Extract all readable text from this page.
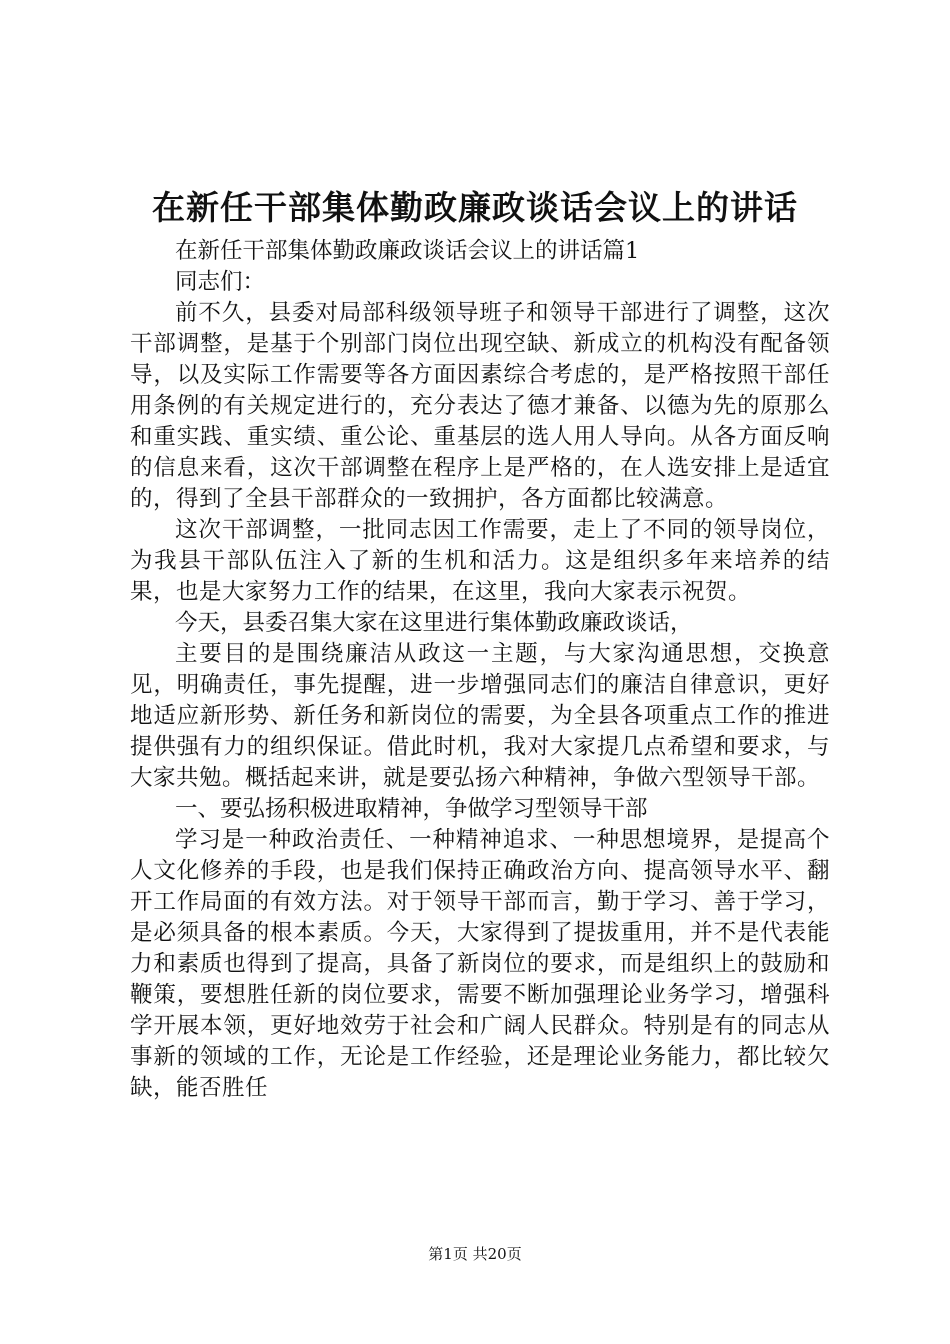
在新任干部集体勤政廉政谈话会议上的讲话

在新任干部集体勤政廉政谈话会议上的讲话篇1

同志们：

前不久，县委对局部科级领导班子和领导干部进行了调整，这次干部调整，是基于个别部门岗位出现空缺、新成立的机构没有配备领导，以及实际工作需要等各方面因素综合考虑的，是严格按照干部任用条例的有关规定进行的，充分表达了德才兼备、以德为先的原那么和重实践、重实绩、重公论、重基层的选人用人导向。从各方面反响的信息来看，这次干部调整在程序上是严格的，在人选安排上是适宜的，得到了全县干部群众的一致拥护，各方面都比较满意。

这次干部调整，一批同志因工作需要，走上了不同的领导岗位，为我县干部队伍注入了新的生机和活力。这是组织多年来培养的结果，也是大家努力工作的结果，在这里，我向大家表示祝贺。

今天，县委召集大家在这里进行集体勤政廉政谈话，

主要目的是围绕廉洁从政这一主题，与大家沟通思想，交换意见，明确责任，事先提醒，进一步增强同志们的廉洁自律意识，更好地适应新形势、新任务和新岗位的需要，为全县各项重点工作的推进提供强有力的组织保证。借此时机，我对大家提几点希望和要求，与大家共勉。概括起来讲，就是要弘扬六种精神，争做六型领导干部。

一、要弘扬积极进取精神，争做学习型领导干部

学习是一种政治责任、一种精神追求、一种思想境界，是提高个人文化修养的手段，也是我们保持正确政治方向、提高领导水平、翻开工作局面的有效方法。对于领导干部而言，勤于学习、善于学习，是必须具备的根本素质。今天，大家得到了提拔重用，并不是代表能力和素质也得到了提高，具备了新岗位的要求，而是组织上的鼓励和鞭策，要想胜任新的岗位要求，需要不断加强理论业务学习，增强科学开展本领，更好地效劳于社会和广阔人民群众。特别是有的同志从事新的领域的工作，无论是工作经验，还是理论业务能力，都比较欠缺，能否胜任

第1页 共20页
